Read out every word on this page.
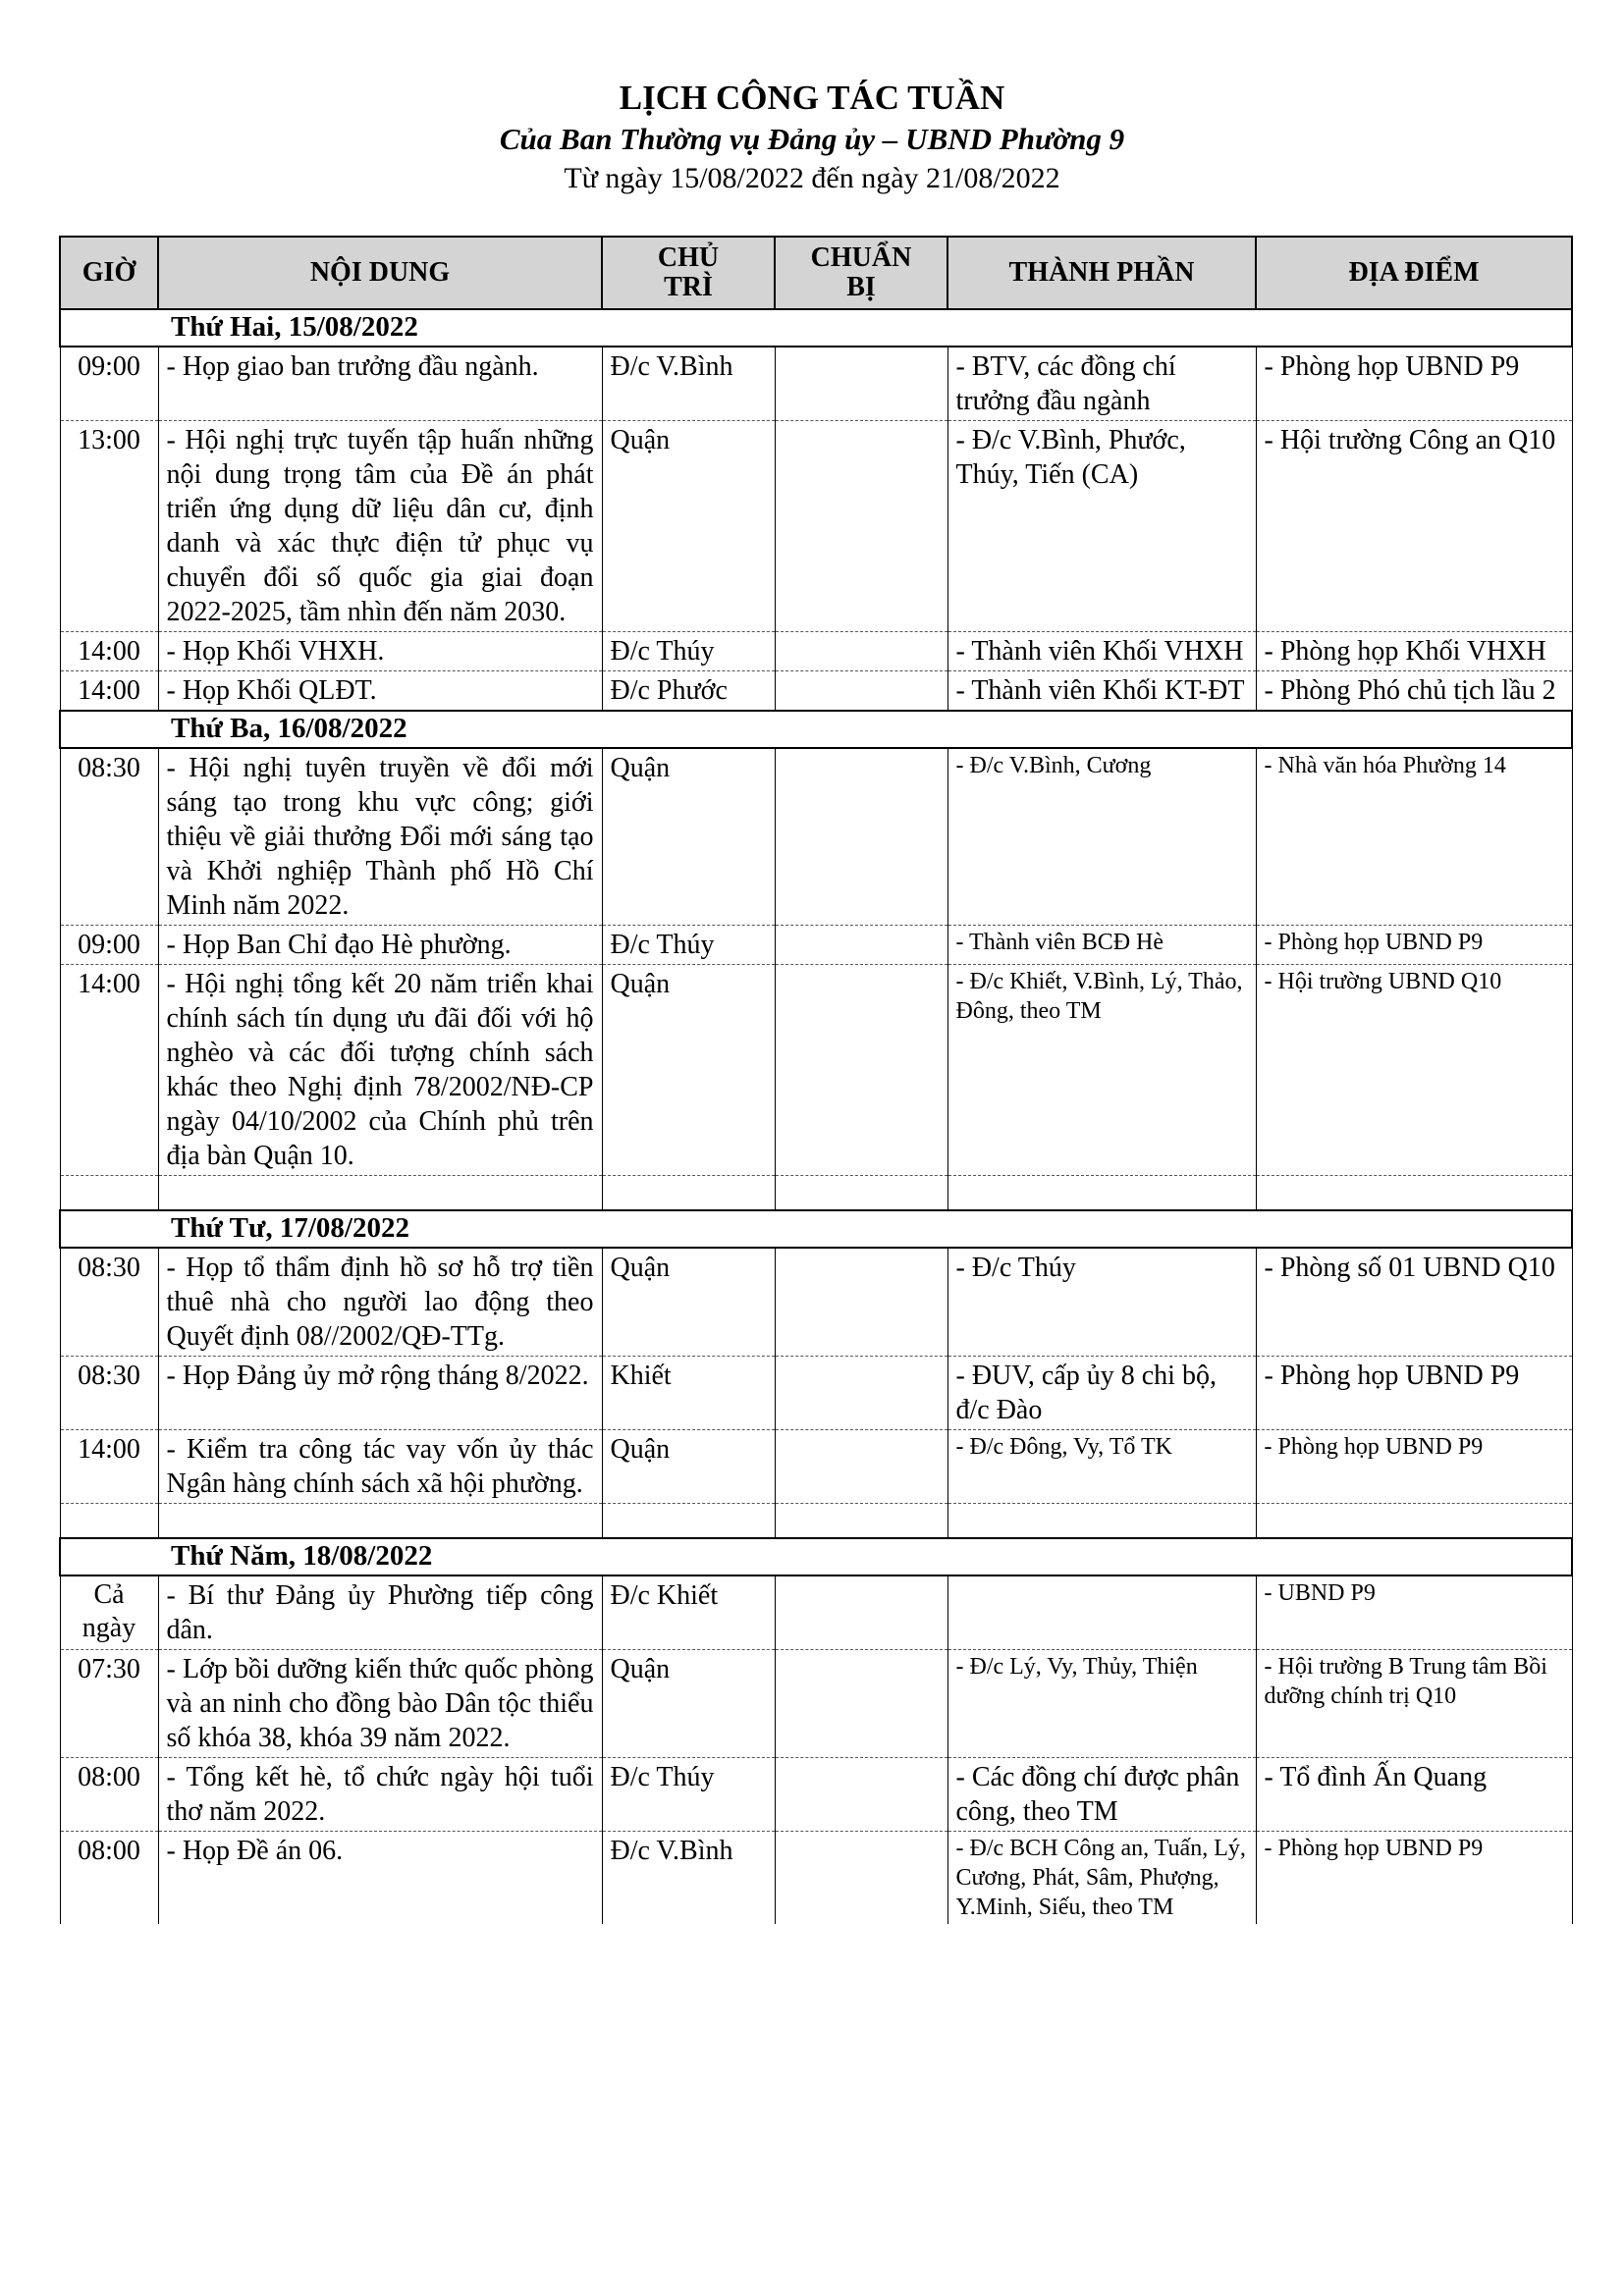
LỊCH CÔNG TÁC TUẦN
Của Ban Thường vụ Đảng ủy – UBND Phường 9
Từ ngày 15/08/2022 đến ngày 21/08/2022
GIỜ	NỘI DUNG	CHỦ TRÌ	CHUẨN BỊ	THÀNH PHẦN	ĐỊA ĐIỂM
Thứ Hai, 15/08/2022					
09:00	- Họp giao ban trưởng đầu ngành.	Đ/c V.Bình		- BTV, các đồng chí trưởng đầu ngành	- Phòng họp UBND P9
13:00	- Hội nghị trực tuyến tập huấn những nội dung trọng tâm của Đề án phát triển ứng dụng dữ liệu dân cư, định danh và xác thực điện tử phục vụ chuyển đổi số quốc gia giai đoạn 2022-2025, tầm nhìn đến năm 2030.	Quận		- Đ/c V.Bình, Phước, Thúy, Tiến (CA)	- Hội trường Công an Q10
14:00	- Họp Khối VHXH.	Đ/c Thúy		- Thành viên Khối VHXH	- Phòng họp Khối VHXH
14:00	- Họp Khối QLĐT.	Đ/c Phước		- Thành viên Khối KT-ĐT	- Phòng Phó chủ tịch lầu 2
Thứ Ba, 16/08/2022					
08:30	- Hội nghị tuyên truyền về đổi mới sáng tạo trong khu vực công; giới thiệu về giải thưởng Đổi mới sáng tạo và Khởi nghiệp Thành phố Hồ Chí Minh năm 2022.	Quận		- Đ/c V.Bình, Cương	- Nhà văn hóa Phường 14
09:00	- Họp Ban Chỉ đạo Hè phường.	Đ/c Thúy		- Thành viên BCĐ Hè	- Phòng họp UBND P9
14:00	- Hội nghị tổng kết 20 năm triển khai chính sách tín dụng ưu đãi đối với hộ nghèo và các đối tượng chính sách khác theo Nghị định 78/2002/NĐ-CP ngày 04/10/2002 của Chính phủ trên địa bàn Quận 10.	Quận		- Đ/c Khiết, V.Bình, Lý, Thảo, Đông, theo TM	- Hội trường UBND Q10

Thứ Tư, 17/08/2022					
08:30	- Họp tổ thẩm định hồ sơ hỗ trợ tiền thuê nhà cho người lao động theo Quyết định 08//2002/QĐ-TTg.	Quận		- Đ/c Thúy	- Phòng số 01 UBND Q10
08:30	- Họp Đảng ủy mở rộng tháng 8/2022.	Khiết		- ĐUV, cấp ủy 8 chi bộ, đ/c Đào	- Phòng họp UBND P9
14:00	- Kiểm tra công tác vay vốn ủy thác Ngân hàng chính sách xã hội phường.	Quận		- Đ/c Đông, Vy, Tổ TK	- Phòng họp UBND P9

Thứ Năm, 18/08/2022					
Cả ngày	- Bí thư Đảng ủy Phường tiếp công dân.	Đ/c Khiết			- UBND P9
07:30	- Lớp bồi dưỡng kiến thức quốc phòng và an ninh cho đồng bào Dân tộc thiểu số khóa 38, khóa 39 năm 2022.	Quận		- Đ/c Lý, Vy, Thủy, Thiện	- Hội trường B Trung tâm Bồi dưỡng chính trị Q10
08:00	- Tổng kết hè, tổ chức ngày hội tuổi thơ năm 2022.	Đ/c Thúy		- Các đồng chí được phân công, theo TM	- Tổ đình Ấn Quang
08:00	- Họp Đề án 06.	Đ/c V.Bình		- Đ/c BCH Công an, Tuấn, Lý, Cương, Phát, Sâm, Phượng, Y.Minh, Siếu, theo TM	- Phòng họp UBND P9
